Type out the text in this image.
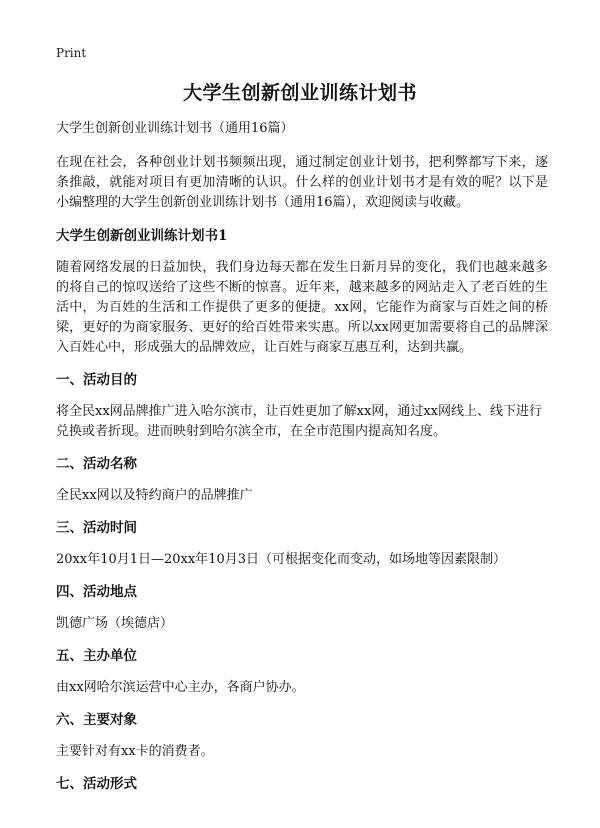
Print
大学生创新创业训练计划书

大学生创新创业训练计划书（通用16篇）

在现在社会，各种创业计划书频频出现，通过制定创业计划书，把利弊都写下来，逐条推敲，就能对项目有更加清晰的认识。什么样的创业计划书才是有效的呢？以下是小编整理的大学生创新创业训练计划书（通用16篇），欢迎阅读与收藏。

大学生创新创业训练计划书1

随着网络发展的日益加快，我们身边每天都在发生日新月异的变化，我们也越来越多的将自己的惊叹送给了这些不断的惊喜。近年来，越来越多的网站走入了老百姓的生活中，为百姓的生活和工作提供了更多的便捷。xx网，它能作为商家与百姓之间的桥梁，更好的为商家服务、更好的给百姓带来实惠。所以xx网更加需要将自己的品牌深入百姓心中，形成强大的品牌效应，让百姓与商家互惠互利，达到共赢。

一、活动目的

将全民xx网品牌推广进入哈尔滨市，让百姓更加了解xx网，通过xx网线上、线下进行兑换或者折现。进而映射到哈尔滨全市，在全市范围内提高知名度。

二、活动名称

全民xx网以及特约商户的品牌推广

三、活动时间

20xx年10月1日—20xx年10月3日（可根据变化而变动，如场地等因素限制）

四、活动地点

凯德广场（埃德店）

五、主办单位

由xx网哈尔滨运营中心主办，各商户协办。

六、主要对象

主要针对有xx卡的消费者。

七、活动形式
